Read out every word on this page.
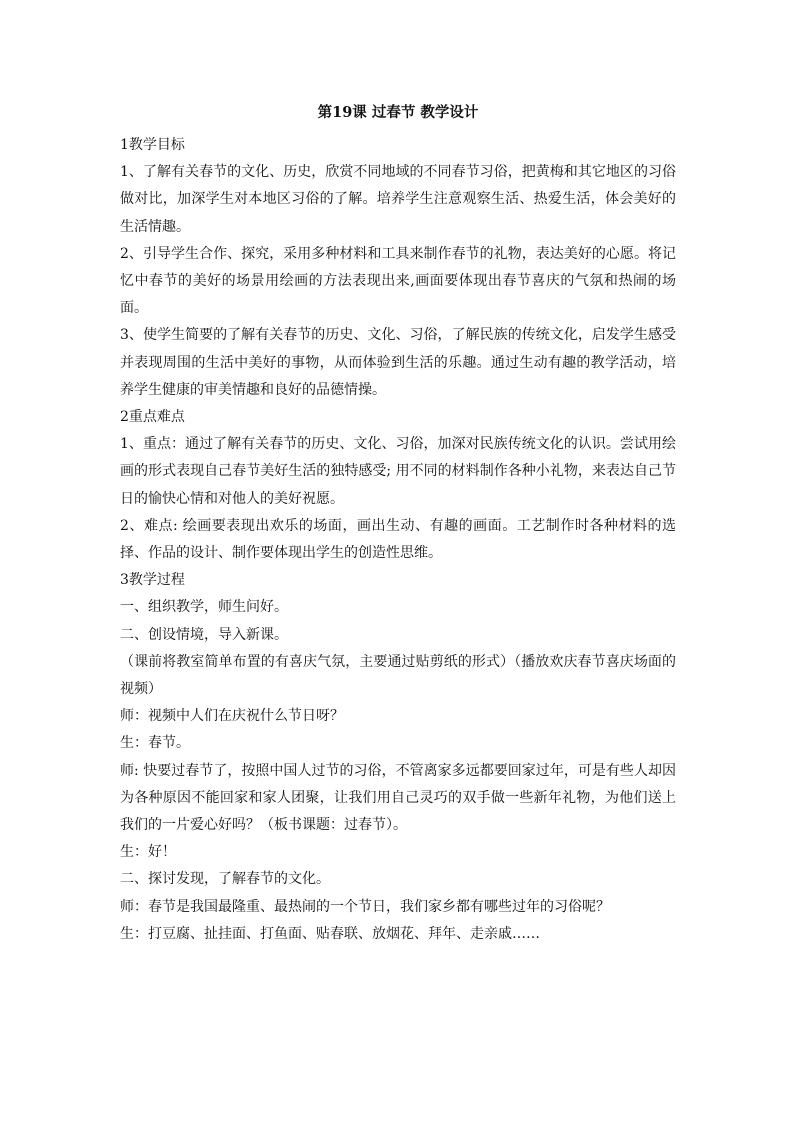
第19课 过春节 教学设计

1教学目标

1、了解有关春节的文化、历史，欣赏不同地域的不同春节习俗，把黄梅和其它地区的习俗做对比，加深学生对本地区习俗的了解。培养学生注意观察生活、热爱生活，体会美好的生活情趣。

2、引导学生合作、探究，采用多种材料和工具来制作春节的礼物，表达美好的心愿。将记忆中春节的美好的场景用绘画的方法表现出来,画面要体现出春节喜庆的气氛和热闹的场面。

3、使学生简要的了解有关春节的历史、文化、习俗，了解民族的传统文化，启发学生感受并表现周围的生活中美好的事物，从而体验到生活的乐趣。通过生动有趣的教学活动，培养学生健康的审美情趣和良好的品德情操。

2重点难点

1、重点：通过了解有关春节的历史、文化、习俗，加深对民族传统文化的认识。尝试用绘画的形式表现自己春节美好生活的独特感受; 用不同的材料制作各种小礼物，来表达自己节日的愉快心情和对他人的美好祝愿。

2、难点: 绘画要表现出欢乐的场面，画出生动、有趣的画面。工艺制作时各种材料的选择、作品的设计、制作要体现出学生的创造性思维。

3教学过程

一、组织教学，师生问好。

二、创设情境，导入新课。

（课前将教室简单布置的有喜庆气氛，主要通过贴剪纸的形式）（播放欢庆春节喜庆场面的视频）

师：视频中人们在庆祝什么节日呀？

生：春节。

师: 快要过春节了，按照中国人过节的习俗，不管离家多远都要回家过年，可是有些人却因为各种原因不能回家和家人团聚，让我们用自己灵巧的双手做一些新年礼物，为他们送上我们的一片爱心好吗？（板书课题：过春节）。

生：好！

二、探讨发现，了解春节的文化。

师：春节是我国最隆重、最热闹的一个节日，我们家乡都有哪些过年的习俗呢？

生：打豆腐、扯挂面、打鱼面、贴春联、放烟花、拜年、走亲戚……
